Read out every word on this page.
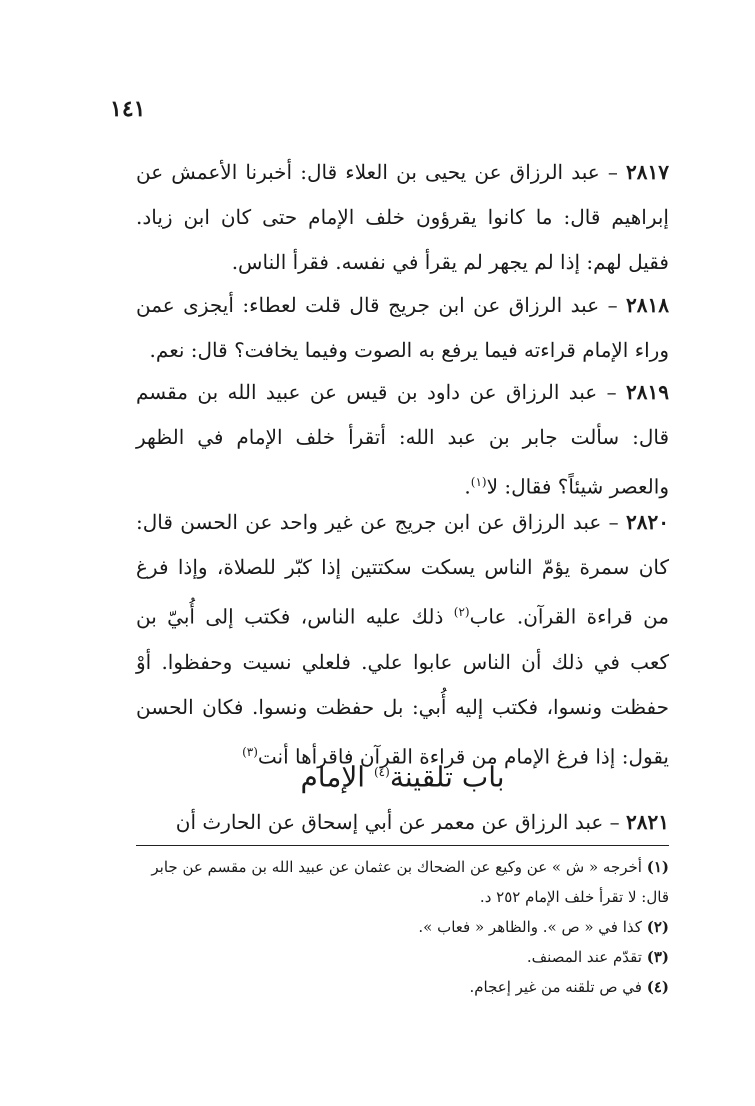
١٤١
٢٨١٧ – عبد الرزاق عن يحيى بن العلاء قال: أخبرنا الأعمش عن إبراهيم قال: ما كانوا يقرؤون خلف الإمام حتى كان ابن زياد. فقيل لهم: إذا لم يجهر لم يقرأ في نفسه. فقرأ الناس.
٢٨١٨ – عبد الرزاق عن ابن جريج قال قلت لعطاء: أيجزى عمن وراء الإمام قراءته فيما يرفع به الصوت وفيما يخافت؟ قال: نعم.
٢٨١٩ – عبد الرزاق عن داود بن قيس عن عبيد الله بن مقسم قال: سألت جابر بن عبد الله: أتقرأ خلف الإمام في الظهر والعصر شيئاً؟ فقال: لا$^{(١)}$.
٢٨٢٠ – عبد الرزاق عن ابن جريج عن غير واحد عن الحسن قال: كان سمرة يؤمّ الناس يسكت سكتتين إذا كبّر للصلاة، وإذا فرغ من قراءة القرآن. عاب$^{(٢)}$ ذلك عليه الناس، فكتب إلى أُبيّ بن كعب في ذلك أن الناس عابوا علي. فلعلي نسيت وحفظوا. أوْ حفظت ونسوا، فكتب إليه أُبي: بل حفظت ونسوا. فكان الحسن يقول: إذا فرغ الإمام من قراءة القرآن فاقرأها أنت$^{(٣)}$
باب تلقينة$^{(٤)}$ الإمام
٢٨٢١ – عبد الرزاق عن معمر عن أبي إسحاق عن الحارث أن
(١) أخرجه « ش » عن وكيع عن الضحاك بن عثمان عن عبيد الله بن مقسم عن جابر قال: لا تقرأ خلف الإمام ٢٥٢ د.
(٢) كذا في « ص ». والظاهر « فعاب ».
(٣) تقدّم عند المصنف.
(٤) في ص تلقنه من غير إعجام.
